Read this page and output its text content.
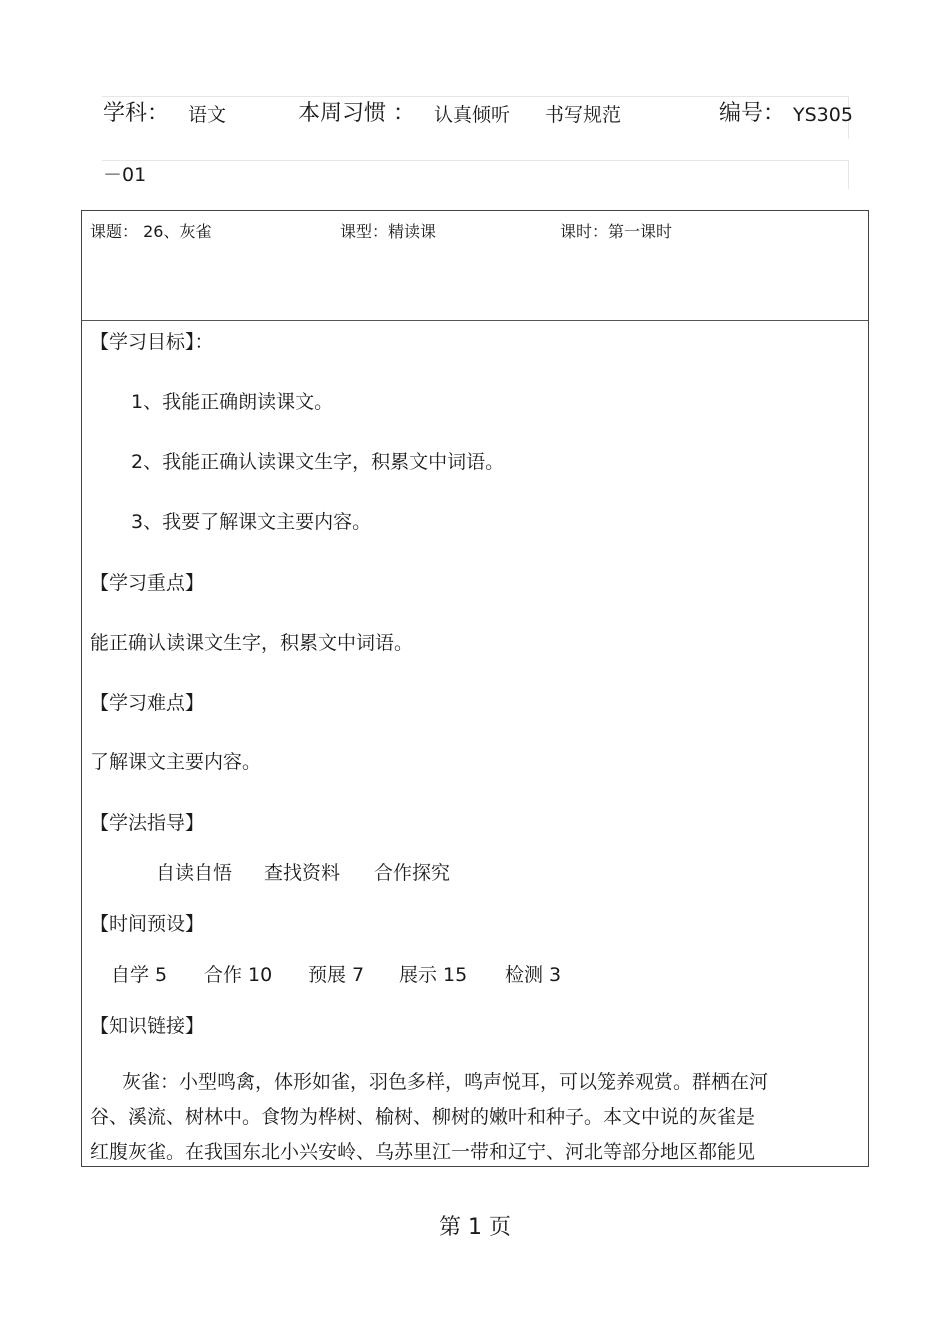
学科： 语文	本周习惯 ： 认真倾听 书写规范	编号： YS305
－01
课题： 26、灰雀	课型：精读课	课时：第一课时
【学习目标】：
1、我能正确朗读课文。
2、我能正确认读课文生字，积累文中词语。
3、我要了解课文主要内容。
【学习重点】
能正确认读课文生字，积累文中词语。
【学习难点】
了解课文主要内容。
【学法指导】
自读自悟 查找资料 合作探究
【时间预设】
自学 5 合作 10 预展 7 展示 15 检测 3
【知识链接】
灰雀：小型鸣禽，体形如雀，羽色多样，鸣声悦耳，可以笼养观赏。群栖在河
谷、溪流、树林中。食物为桦树、榆树、柳树的嫩叶和种子。本文中说的灰雀是
红腹灰雀。在我国东北小兴安岭、乌苏里江一带和辽宁、河北等部分地区都能见
第 1 页
